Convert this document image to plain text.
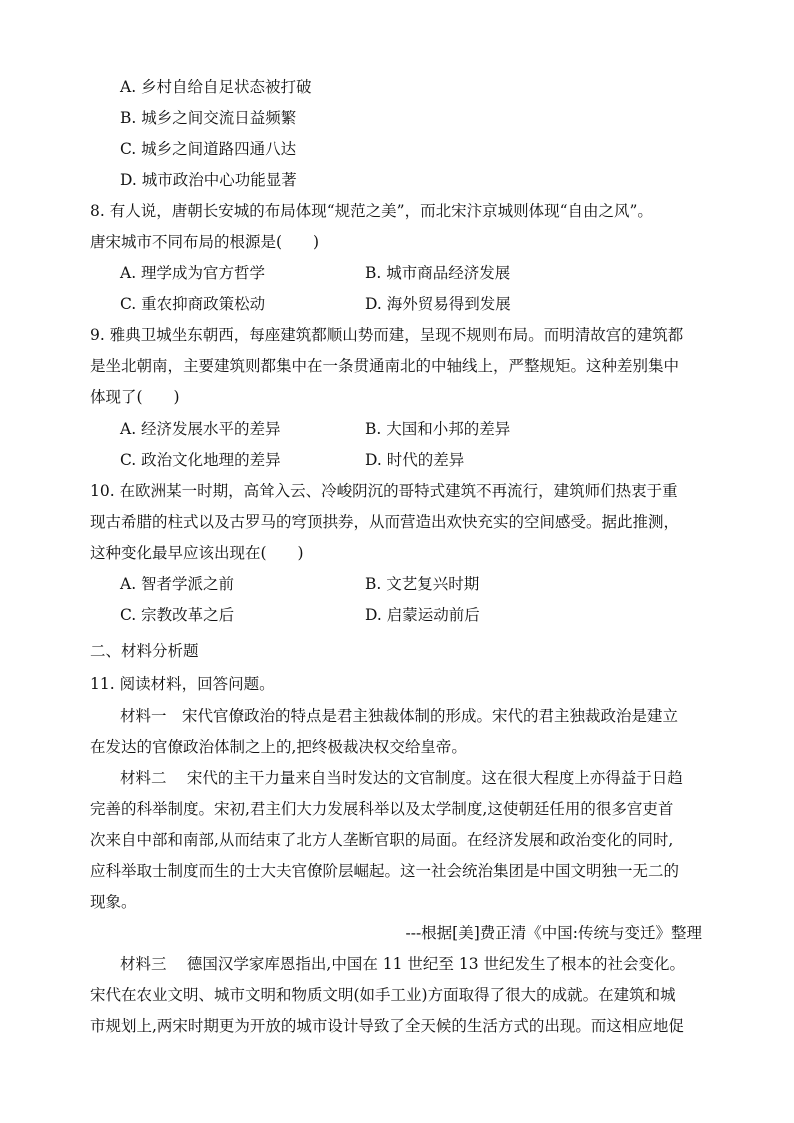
A. 乡村自给自足状态被打破
B. 城乡之间交流日益频繁
C. 城乡之间道路四通八达
D. 城市政治中心功能显著
8. 有人说，唐朝长安城的布局体现“规范之美”，而北宋汴京城则体现“自由之风”。
唐宋城市不同布局的根源是(　　)
A. 理学成为官方哲学	B. 城市商品经济发展
C. 重农抑商政策松动	D. 海外贸易得到发展
9. 雅典卫城坐东朝西，每座建筑都顺山势而建，呈现不规则布局。而明清故宫的建筑都
是坐北朝南，主要建筑则都集中在一条贯通南北的中轴线上，严整规矩。这种差别集中
体现了(　　)
A. 经济发展水平的差异	B. 大国和小邦的差异
C. 政治文化地理的差异	D. 时代的差异
10. 在欧洲某一时期，高耸入云、冷峻阴沉的哥特式建筑不再流行，建筑师们热衷于重
现古希腊的柱式以及古罗马的穹顶拱券，从而营造出欢快充实的空间感受。据此推测，
这种变化最早应该出现在(　　)
A. 智者学派之前	B. 文艺复兴时期
C. 宗教改革之后	D. 启蒙运动前后
二、材料分析题
11. 阅读材料，回答问题。
材料一　宋代官僚政治的特点是君主独裁体制的形成。宋代的君主独裁政治是建立
在发达的官僚政治体制之上的,把终极裁决权交给皇帝。
材料二　 宋代的主干力量来自当时发达的文官制度。这在很大程度上亦得益于日趋
完善的科举制度。宋初,君主们大力发展科举以及太学制度,这使朝廷任用的很多宫吏首
次来自中部和南部,从而结束了北方人垄断官职的局面。在经济发展和政治变化的同时,
应科举取士制度而生的士大夫官僚阶层崛起。这一社会统治集团是中国文明独一无二的
现象。
---根据[美]费正清《中国:传统与变迁》整理
材料三　 德国汉学家库恩指出,中国在 11 世纪至 13 世纪发生了根本的社会变化。
宋代在农业文明、城市文明和物质文明(如手工业)方面取得了很大的成就。在建筑和城
市规划上,两宋时期更为开放的城市设计导致了全天候的生活方式的出现。而这相应地促
